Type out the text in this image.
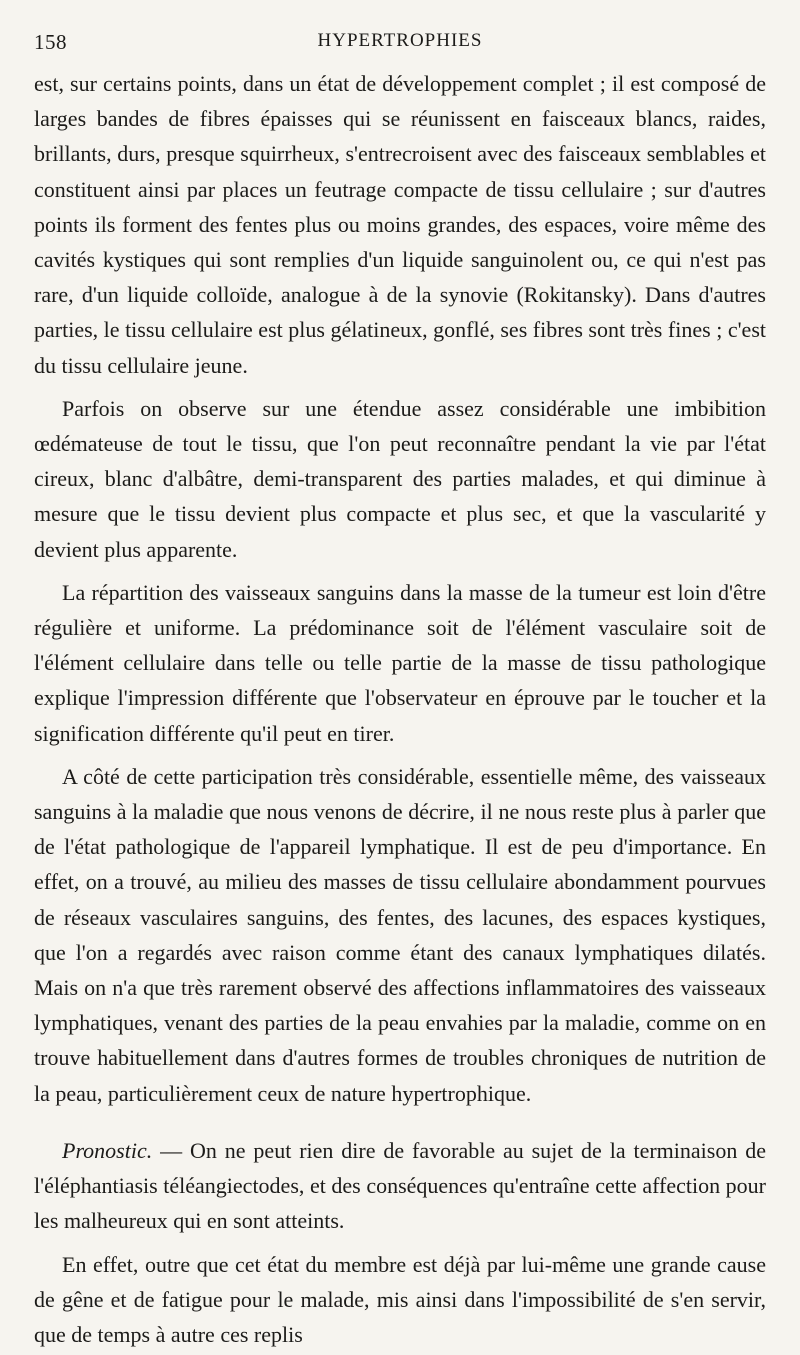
158	HYPERTROPHIES

est, sur certains points, dans un état de développement complet ; il est composé de larges bandes de fibres épaisses qui se réunissent en faisceaux blancs, raides, brillants, durs, presque squirrheux, s'entrecroisent avec des faisceaux semblables et constituent ainsi par places un feutrage compacte de tissu cellulaire ; sur d'autres points ils forment des fentes plus ou moins grandes, des espaces, voire même des cavités kystiques qui sont remplies d'un liquide sanguinolent ou, ce qui n'est pas rare, d'un liquide colloïde, analogue à de la synovie (Rokitansky). Dans d'autres parties, le tissu cellulaire est plus gélatineux, gonflé, ses fibres sont très fines ; c'est du tissu cellulaire jeune.

Parfois on observe sur une étendue assez considérable une imbibition œdémateuse de tout le tissu, que l'on peut reconnaître pendant la vie par l'état cireux, blanc d'albâtre, demi-transparent des parties malades, et qui diminue à mesure que le tissu devient plus compacte et plus sec, et que la vascularité y devient plus apparente.

La répartition des vaisseaux sanguins dans la masse de la tumeur est loin d'être régulière et uniforme. La prédominance soit de l'élément vasculaire soit de l'élément cellulaire dans telle ou telle partie de la masse de tissu pathologique explique l'impression différente que l'observateur en éprouve par le toucher et la signification différente qu'il peut en tirer.

A côté de cette participation très considérable, essentielle même, des vaisseaux sanguins à la maladie que nous venons de décrire, il ne nous reste plus à parler que de l'état pathologique de l'appareil lymphatique. Il est de peu d'importance. En effet, on a trouvé, au milieu des masses de tissu cellulaire abondamment pourvues de réseaux vasculaires sanguins, des fentes, des lacunes, des espaces kystiques, que l'on a regardés avec raison comme étant des canaux lymphatiques dilatés. Mais on n'a que très rarement observé des affections inflammatoires des vaisseaux lymphatiques, venant des parties de la peau envahies par la maladie, comme on en trouve habituellement dans d'autres formes de troubles chroniques de nutrition de la peau, particulièrement ceux de nature hypertrophique.

Pronostic. — On ne peut rien dire de favorable au sujet de la terminaison de l'éléphantiasis téléangiectodes, et des conséquences qu'entraîne cette affection pour les malheureux qui en sont atteints.

En effet, outre que cet état du membre est déjà par lui-même une grande cause de gêne et de fatigue pour le malade, mis ainsi dans l'impossibilité de s'en servir, que de temps à autre ces replis
